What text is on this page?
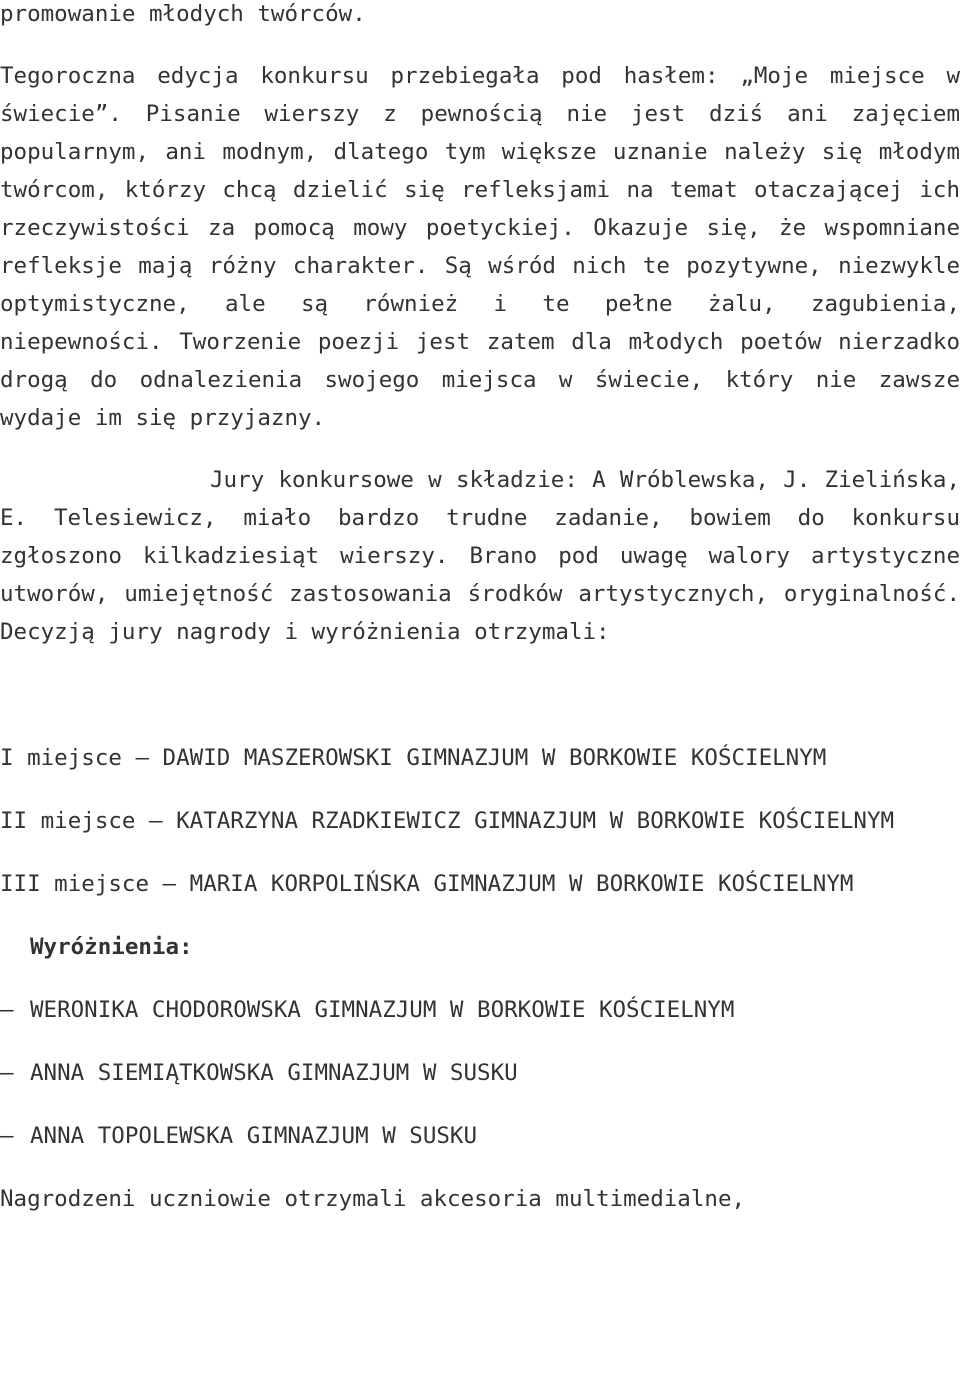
promowanie młodych twórców.

Tegoroczna edycja konkursu przebiegała pod hasłem: „Moje miejsce w świecie”. Pisanie wierszy z pewnością nie jest dziś ani zajęciem popularnym, ani modnym, dlatego tym większe uznanie należy się młodym twórcom, którzy chcą dzielić się refleksjami na temat otaczającej ich rzeczywistości za pomocą mowy poetyckiej. Okazuje się, że wspomniane refleksje mają różny charakter. Są wśród nich te pozytywne, niezwykle optymistyczne, ale są również i te pełne żalu, zagubienia, niepewności. Tworzenie poezji jest zatem dla młodych poetów nierzadko drogą do odnalezienia swojego miejsca w świecie, który nie zawsze wydaje im się przyjazny.

Jury konkursowe w składzie: A Wróblewska, J. Zielińska, E. Telesiewicz, miało bardzo trudne zadanie, bowiem do konkursu zgłoszono kilkadziesiąt wierszy. Brano pod uwagę walory artystyczne utworów, umiejętność zastosowania środków artystycznych, oryginalność. Decyzją jury nagrody i wyróżnienia otrzymali:

I miejsce – DAWID MASZEROWSKI GIMNAZJUM W BORKOWIE KOŚCIELNYM

II miejsce – KATARZYNA RZADKIEWICZ GIMNAZJUM W BORKOWIE KOŚCIELNYM

III miejsce – MARIA KORPOLIŃSKA GIMNAZJUM W BORKOWIE KOŚCIELNYM

Wyróżnienia:

– WERONIKA CHODOROWSKA GIMNAZJUM W BORKOWIE KOŚCIELNYM

– ANNA SIEMIĄTKOWSKA GIMNAZJUM W SUSKU

– ANNA TOPOLEWSKA GIMNAZJUM W SUSKU

Nagrodzeni uczniowie otrzymali akcesoria multimedialne,
